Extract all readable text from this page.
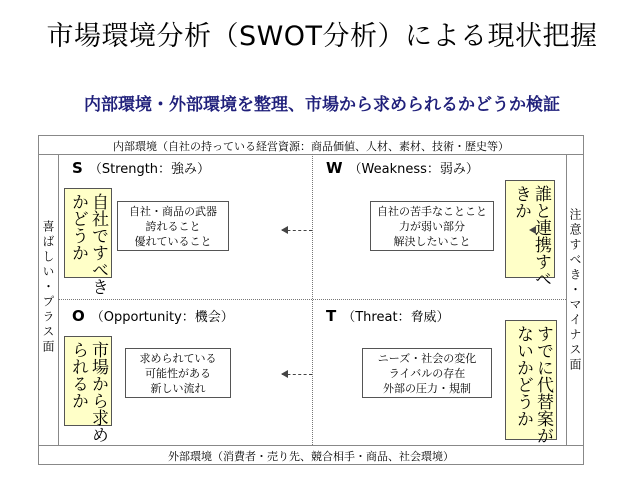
市場環境分析（SWOT分析）による現状把握
内部環境・外部環境を整理、市場から求められるかどうか検証
内部環境（自社の持っている経営資源：商品価値、人材、素材、技術・歴史等）
外部環境（消費者・売り先、競合相手・商品、社会環境）
喜ばしい・プラス面	注意すべき・マイナス面
S （Strength：強み）
自社・商品の武器
誇れること
優れていること
自社ですべき
かどうか
W （Weakness：弱み）
自社の苦手なことこと
力が弱い部分
解決したいこと	誰と連携すべ
きか
O （Opportunity：機会）
求められている
可能性がある
新しい流れ
市場から求め
られるか
T （Threat：脅威）
ニーズ・社会の変化
ライバルの存在
外部の圧力・規制	すでに代替案が
ないかどうか
